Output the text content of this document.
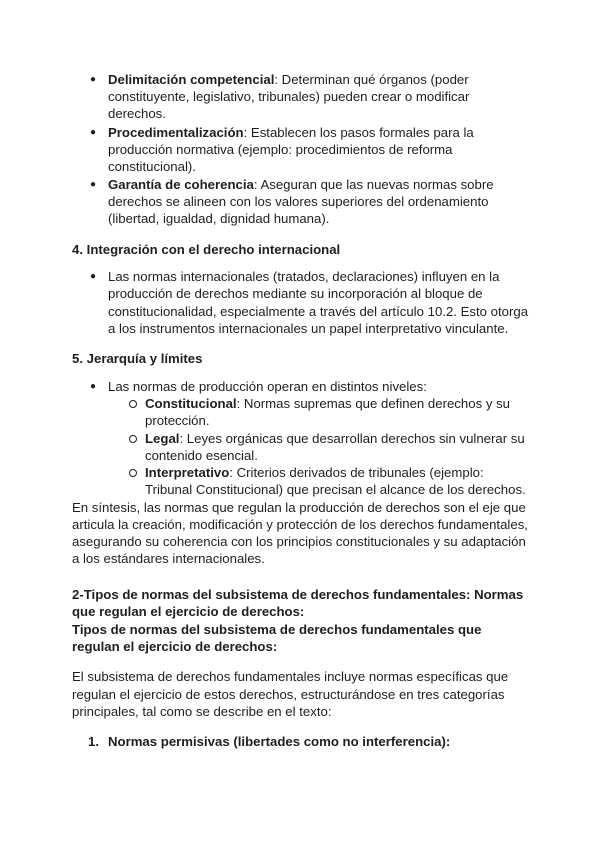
● Delimitación competencial: Determinan qué órganos (poder
constituyente, legislativo, tribunales) pueden crear o modificar
derechos.
● Procedimentalización: Establecen los pasos formales para la
producción normativa (ejemplo: procedimientos de reforma
constitucional).
● Garantía de coherencia: Aseguran que las nuevas normas sobre
derechos se alineen con los valores superiores del ordenamiento
(libertad, igualdad, dignidad humana).
4. Integración con el derecho internacional
● Las normas internacionales (tratados, declaraciones) influyen en la
producción de derechos mediante su incorporación al bloque de
constitucionalidad, especialmente a través del artículo 10.2. Esto otorga
a los instrumentos internacionales un papel interpretativo vinculante.
5. Jerarquía y límites
● Las normas de producción operan en distintos niveles:
Constitucional: Normas supremas que definen derechos y su
protección.
Legal: Leyes orgánicas que desarrollan derechos sin vulnerar su
contenido esencial.
Interpretativo: Criterios derivados de tribunales (ejemplo:
Tribunal Constitucional) que precisan el alcance de los derechos.
En síntesis, las normas que regulan la producción de derechos son el eje que
articula la creación, modificación y protección de los derechos fundamentales,
asegurando su coherencia con los principios constitucionales y su adaptación
a los estándares internacionales.
2-Tipos de normas del subsistema de derechos fundamentales: Normas
que regulan el ejercicio de derechos:
Tipos de normas del subsistema de derechos fundamentales que
regulan el ejercicio de derechos:
El subsistema de derechos fundamentales incluye normas específicas que
regulan el ejercicio de estos derechos, estructurándose en tres categorías
principales, tal como se describe en el texto:
1. Normas permisivas (libertades como no interferencia):
